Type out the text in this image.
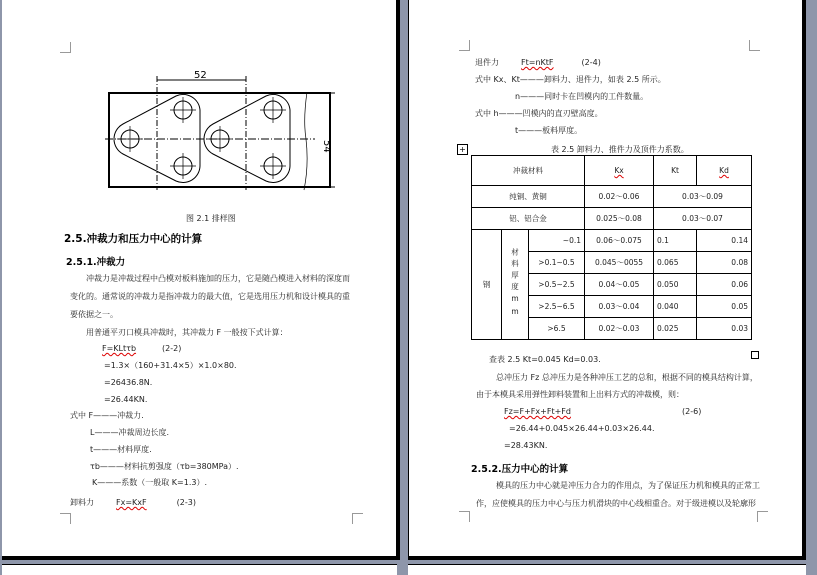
52
54
图 2.1 排样图
2.5.冲裁力和压力中心的计算
2.5.1.冲裁力
冲裁力是冲裁过程中凸模对板料施加的压力，它是随凸模进入材料的深度而
变化的。通常说的冲裁力是指冲裁力的最大值，它是选用压力机和设计模具的重
要依据之一。
用普通平刃口模具冲裁时，其冲裁力 F 一般按下式计算：
F=KLtτb	(2-2)
=1.3×（160+31.4×5）×1.0×80.
=26436.8N.
=26.44KN.
式中 F———冲裁力.
L———冲裁周边长度.
t———材料厚度.
τb———材料抗剪强度（τb=380MPa）.
K———系数（一般取 K=1.3）.
卸料力	Fx=KxF	(2-3)
退件力	Ft=nKtF	(2-4)
式中 Kx、Kt———卸料力、退件力，如表 2.5 所示。
n———同时卡在凹模内的工件数量。
式中 h———凹模内的直刃壁高度。
t———板料厚度。
+	表 2.5 卸料力、推件力及顶件力系数。
冲裁材料			Kx	Kt	Kd
纯铜、黄铜			0.02～0.06	0.03～0.09	
铝、铝合金			0.025～0.08	0.03～0.07	
钢	材料厚度mm	~0.1	0.06～0.075	0.1	0.14
		>0.1~0.5	0.045～0055	0.065	0.08
		>0.5~2.5	0.04～0.05	0.050	0.06
		>2.5~6.5	0.03～0.04	0.040	0.05
		>6.5	0.02～0.03	0.025	0.03
查表 2.5 Kt=0.045 Kd=0.03.
总冲压力 Fz 总冲压力是各种冲压工艺的总和，根据不同的模具结构计算，
由于本模具采用弹性卸料装置和上出料方式的冲裁模，则：
Fz=F+Fx+Ft+Fd	(2-6)
=26.44+0.045×26.44+0.03×26.44.
=28.43KN.
2.5.2.压力中心的计算
模具的压力中心就是冲压力合力的作用点，为了保证压力机和模具的正常工
作，应使模具的压力中心与压力机滑块的中心线相重合。对于级进模以及轮廓形
